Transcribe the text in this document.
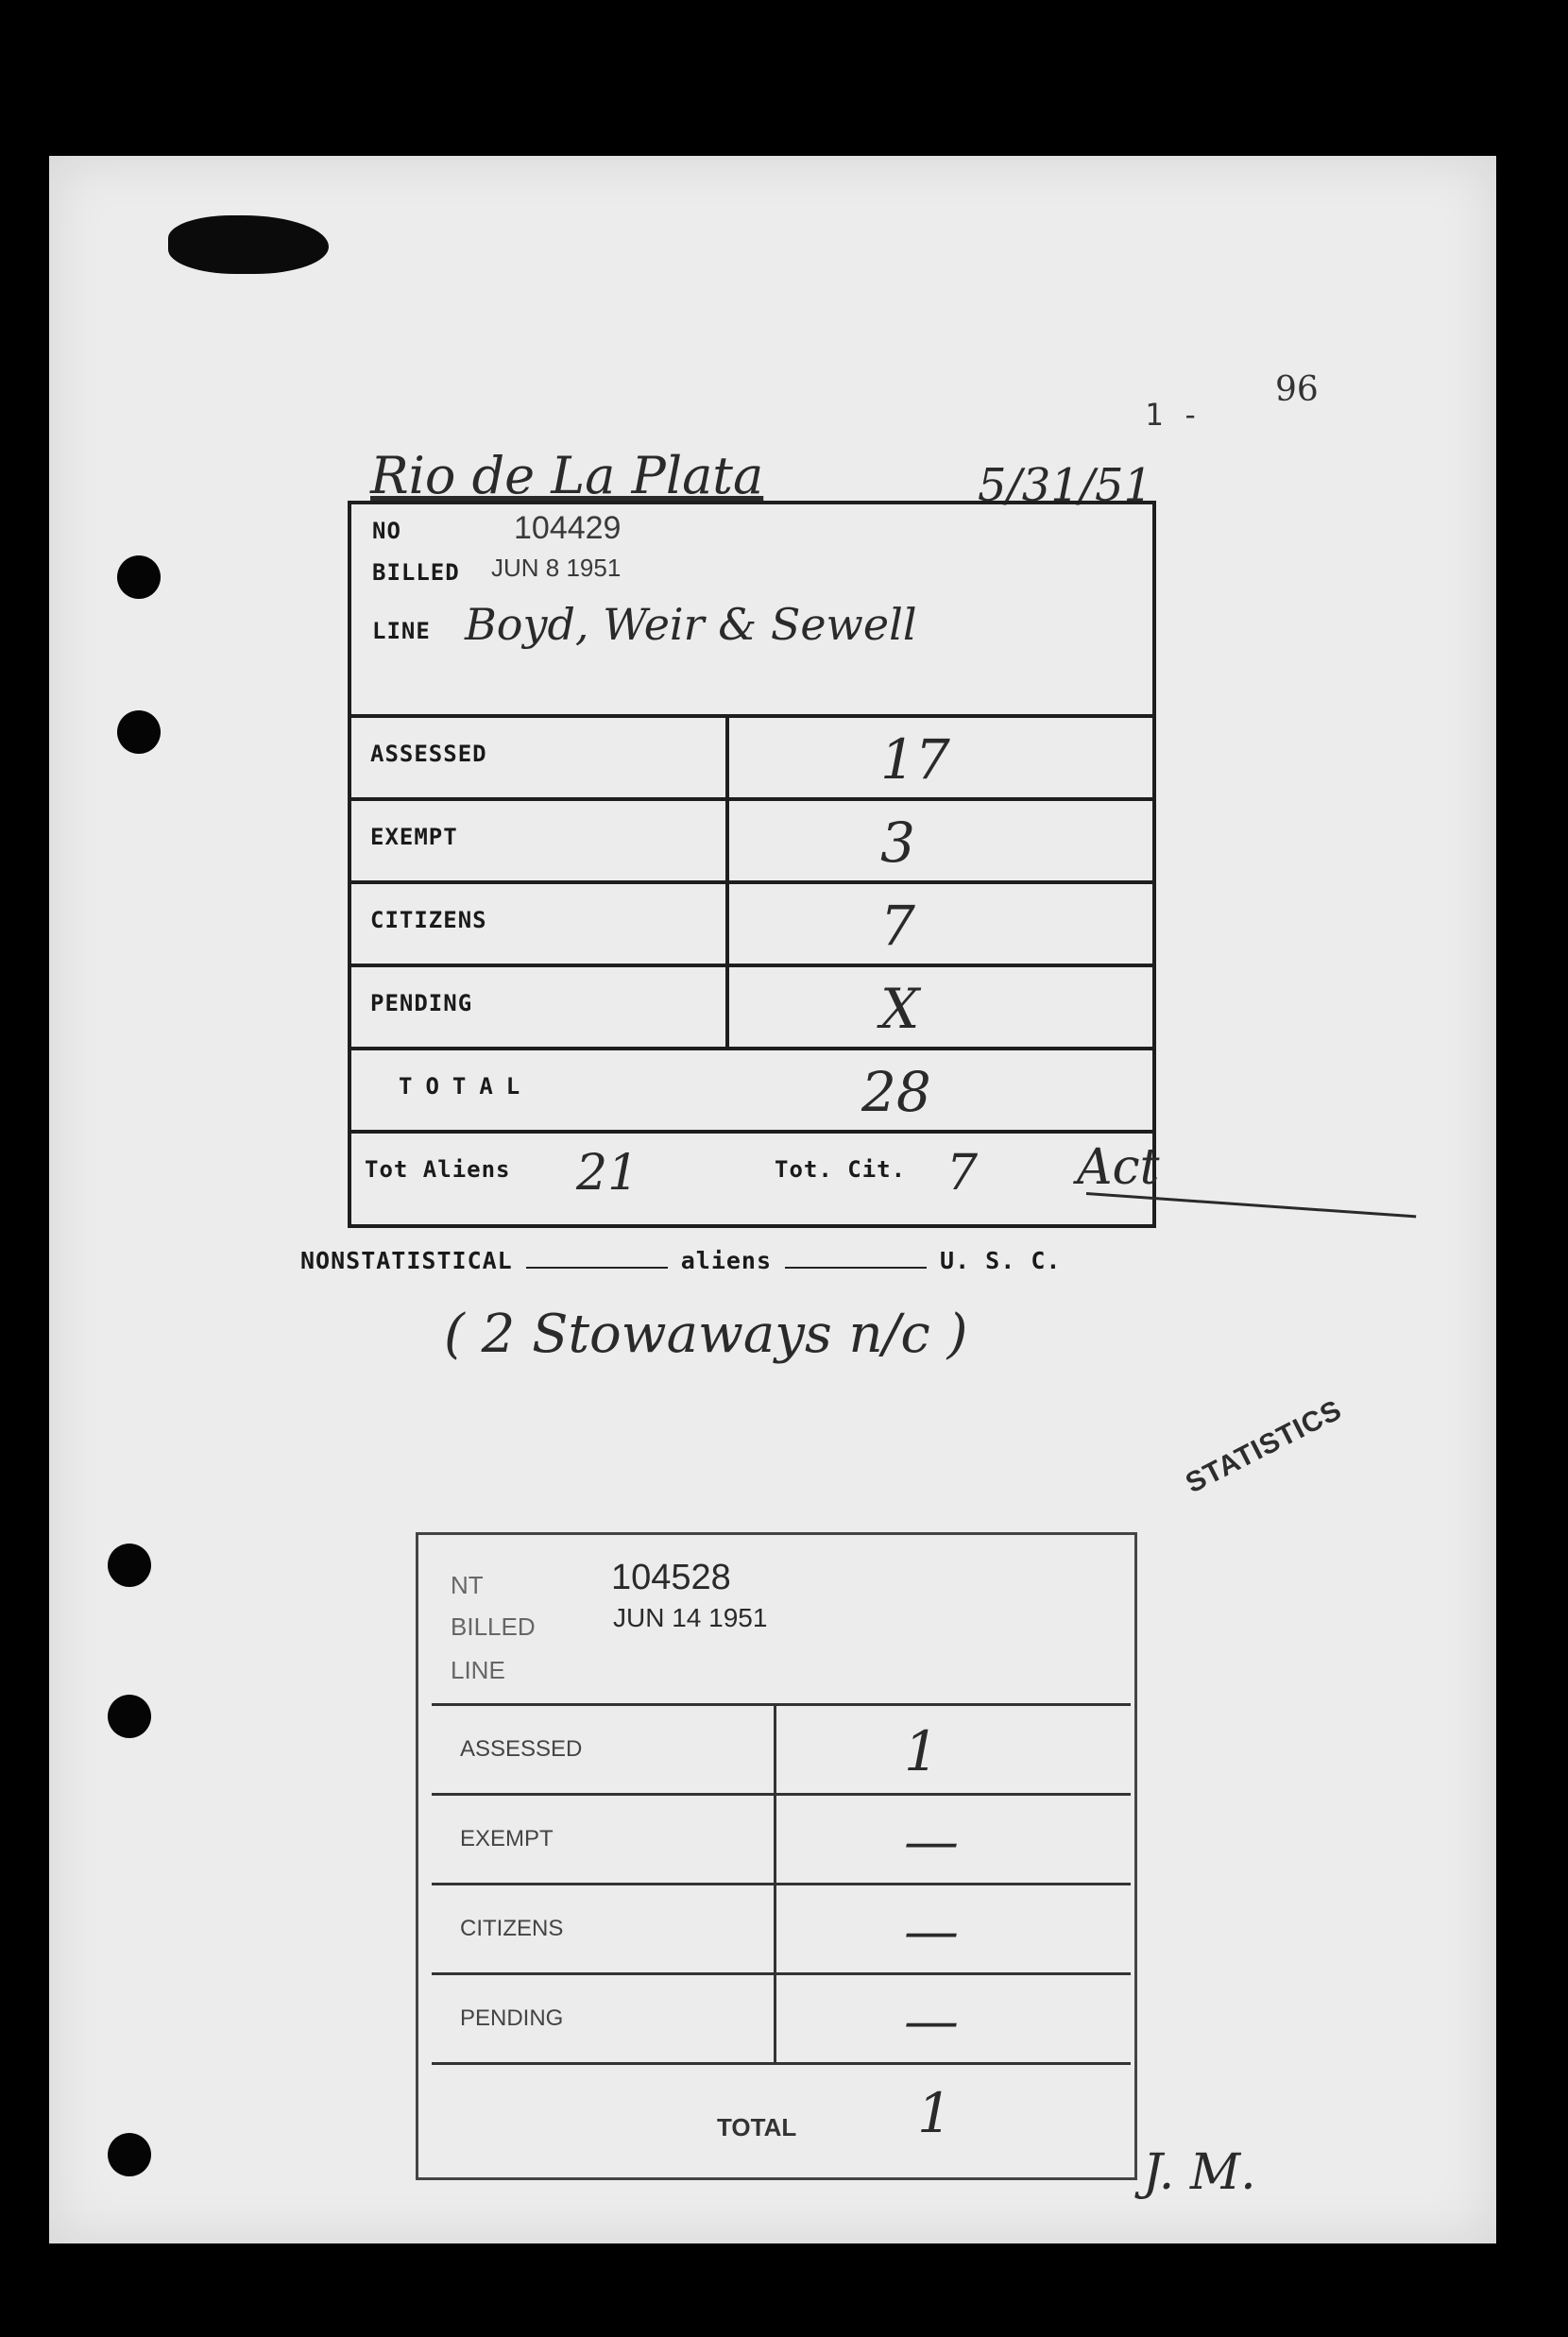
1 -
96
Rio de La Plata	5/31/51
NO	104429
BILLED JUN 8 1951
LINE Boyd, Weir & Sewell
ASSESSED	17
EXEMPT	3
CITIZENS	7
PENDING	X
TOTAL	28
Tot Aliens 21	Tot. Cit. 7 Act
NONSTATISTICAL	aliens	U. S. C.
( 2 Stowaways n/c )
STATISTICS
NT	104528
BILLED	JUN 14 1951
LINE
ASSESSED	1
EXEMPT	—
CITIZENS	—
PENDING	—
TOTAL 1
J. M.
